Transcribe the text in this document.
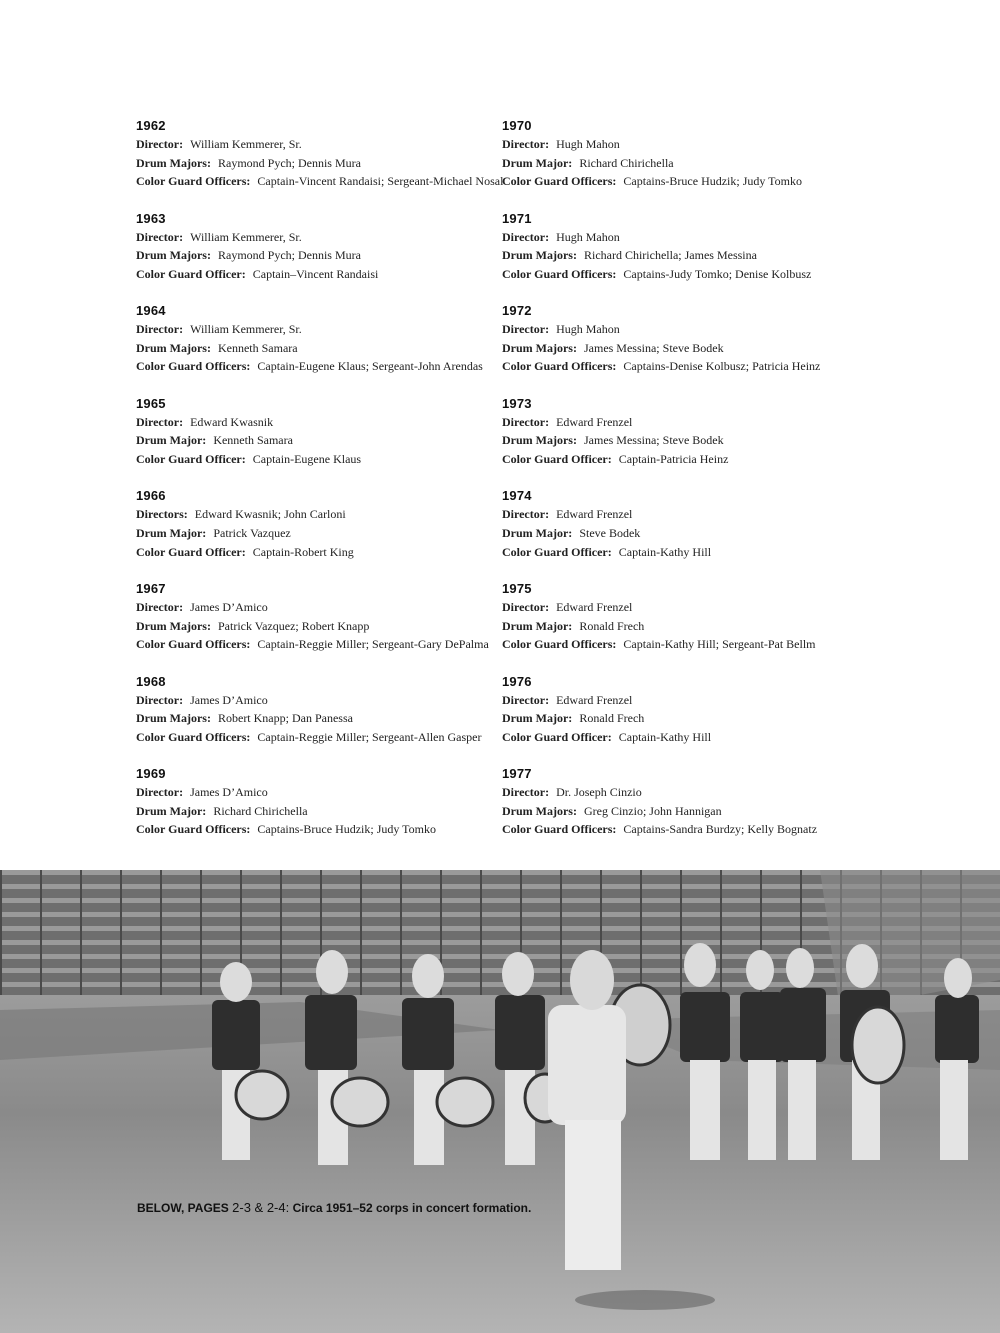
1962
Director: William Kemmerer, Sr.
Drum Majors: Raymond Pych; Dennis Mura
Color Guard Officers: Captain-Vincent Randaisi; Sergeant-Michael Nosal
1963
Director: William Kemmerer, Sr.
Drum Majors: Raymond Pych; Dennis Mura
Color Guard Officer: Captain–Vincent Randaisi
1964
Director: William Kemmerer, Sr.
Drum Majors: Kenneth Samara
Color Guard Officers: Captain-Eugene Klaus; Sergeant-John Arendas
1965
Director: Edward Kwasnik
Drum Major: Kenneth Samara
Color Guard Officer: Captain-Eugene Klaus
1966
Directors: Edward Kwasnik; John Carloni
Drum Major: Patrick Vazquez
Color Guard Officer: Captain-Robert King
1967
Director: James D’Amico
Drum Majors: Patrick Vazquez; Robert Knapp
Color Guard Officers: Captain-Reggie Miller; Sergeant-Gary DePalma
1968
Director: James D’Amico
Drum Majors: Robert Knapp; Dan Panessa
Color Guard Officers: Captain-Reggie Miller; Sergeant-Allen Gasper
1969
Director: James D’Amico
Drum Major: Richard Chirichella
Color Guard Officers: Captains-Bruce Hudzik; Judy Tomko
1970
Director: Hugh Mahon
Drum Major: Richard Chirichella
Color Guard Officers: Captains-Bruce Hudzik; Judy Tomko
1971
Director: Hugh Mahon
Drum Majors: Richard Chirichella; James Messina
Color Guard Officers: Captains-Judy Tomko; Denise Kolbusz
1972
Director: Hugh Mahon
Drum Majors: James Messina; Steve Bodek
Color Guard Officers: Captains-Denise Kolbusz; Patricia Heinz
1973
Director: Edward Frenzel
Drum Majors: James Messina; Steve Bodek
Color Guard Officer: Captain-Patricia Heinz
1974
Director: Edward Frenzel
Drum Major: Steve Bodek
Color Guard Officer: Captain-Kathy Hill
1975
Director: Edward Frenzel
Drum Major: Ronald Frech
Color Guard Officers: Captain-Kathy Hill; Sergeant-Pat Bellm
1976
Director: Edward Frenzel
Drum Major: Ronald Frech
Color Guard Officer: Captain-Kathy Hill
1977
Director: Dr. Joseph Cinzio
Drum Majors: Greg Cinzio; John Hannigan
Color Guard Officers: Captains-Sandra Burdzy; Kelly Bognatz
BELOW, PAGES 2-3 & 2-4: Circa 1951–52 corps in concert formation.
